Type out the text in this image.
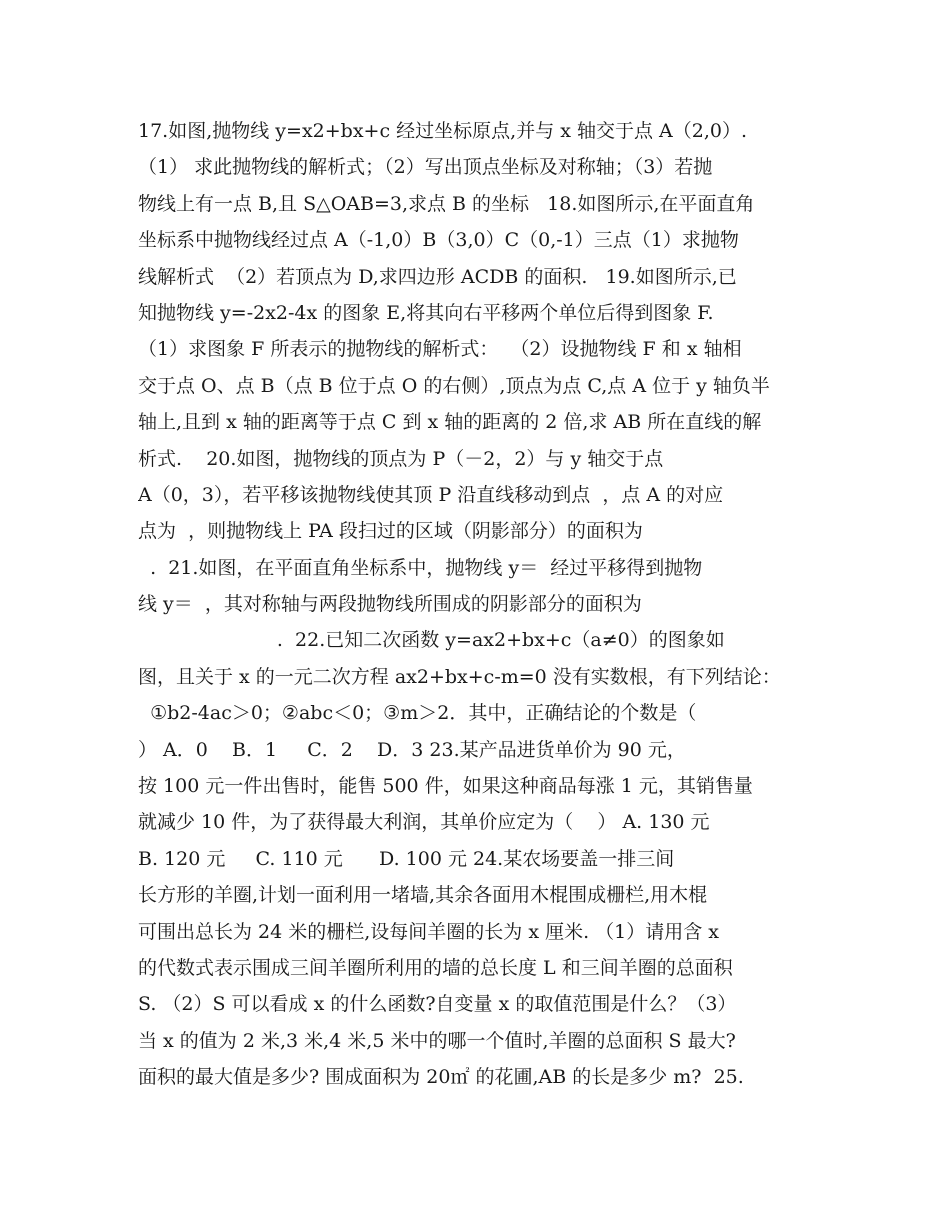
17.如图,抛物线 y=x2+bx+c 经过坐标原点,并与 x 轴交于点 A（2,0）.
（1） 求此抛物线的解析式；（2）写出顶点坐标及对称轴；（3）若抛
物线上有一点 B,且 S△OAB=3,求点 B 的坐标   18.如图所示,在平面直角
坐标系中抛物线经过点 A（-1,0）B（3,0）C（0,-1）三点（1）求抛物
线解析式  （2）若顶点为 D,求四边形 ACDB 的面积.   19.如图所示,已
知抛物线 y=-2x2-4x 的图象 E,将其向右平移两个单位后得到图象 F.
（1）求图象 F 所表示的抛物线的解析式：  （2）设抛物线 F 和 x 轴相
交于点 O、点 B（点 B 位于点 O 的右侧）,顶点为点 C,点 A 位于 y 轴负半
轴上,且到 x 轴的距离等于点 C 到 x 轴的距离的 2 倍,求 AB 所在直线的解
析式.    20.如图，抛物线的顶点为 P（－2，2）与 y 轴交于点
A（0，3），若平移该抛物线使其顶 P 沿直线移动到点  ，点 A 的对应
点为  ，则抛物线上 PA 段扫过的区域（阴影部分）的面积为
.  21.如图，在平面直角坐标系中，抛物线 y＝  经过平移得到抛物
线 y＝  ，其对称轴与两段抛物线所围成的阴影部分的面积为
.  22.已知二次函数 y=ax2+bx+c（a≠0）的图象如
图，且关于 x 的一元二次方程 ax2+bx+c-m=0 没有实数根，有下列结论：
①b2-4ac＞0；②abc＜0；③m＞2．其中，正确结论的个数是（
） A．0    B．1     C．2    D．3 23.某产品进货单价为 90 元，
按 100 元一件出售时，能售 500 件，如果这种商品每涨 1 元，其销售量
就减少 10 件，为了获得最大利润，其单价应定为（    ） A. 130 元
B. 120 元     C. 110 元      D. 100 元 24.某农场要盖一排三间
长方形的羊圈,计划一面利用一堵墙,其余各面用木棍围成栅栏,用木棍
可围出总长为 24 米的栅栏,设每间羊圈的长为 x 厘米. （1）请用含 x
的代数式表示围成三间羊圈所利用的墙的总长度 L 和三间羊圈的总面积
S. （2）S 可以看成 x 的什么函数?自变量 x 的取值范围是什么？（3）
当 x 的值为 2 米,3 米,4 米,5 米中的哪一个值时,羊圈的总面积 S 最大?
面积的最大值是多少? 围成面积为 20㎡ 的花圃,AB 的长是多少 m?  25.
